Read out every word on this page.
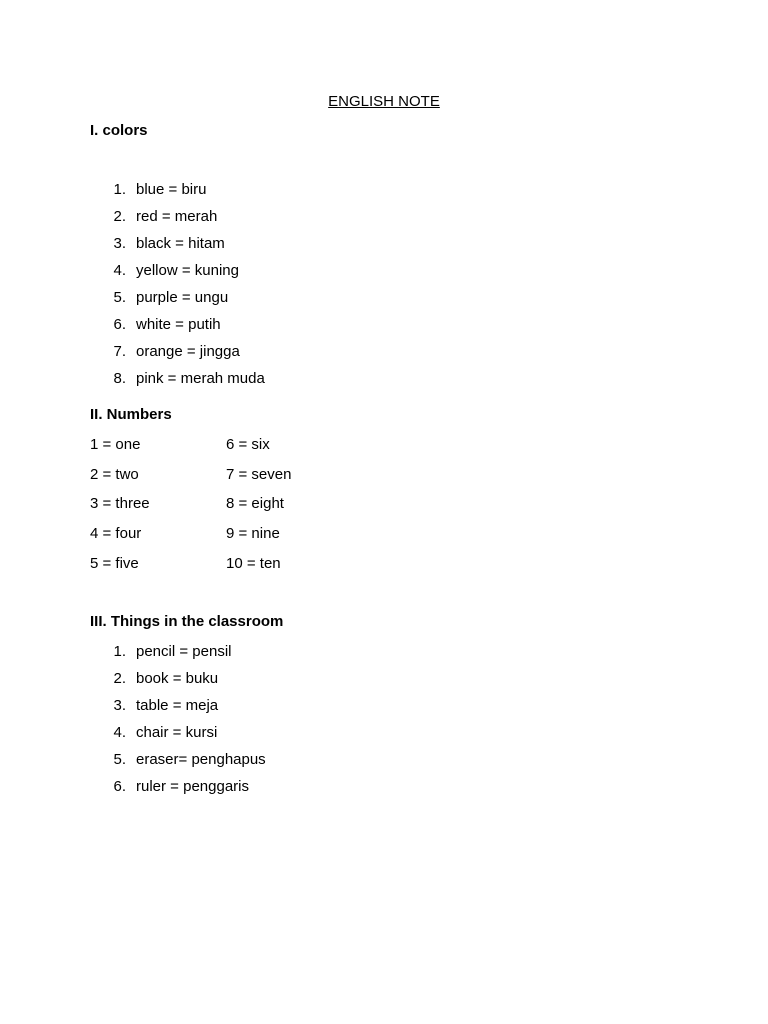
ENGLISH NOTE
I. colors
1. blue = biru
2. red = merah
3. black = hitam
4. yellow = kuning
5. purple = ungu
6. white = putih
7. orange = jingga
8. pink = merah muda
II. Numbers
1 = one	6 = six
2 = two	7 = seven
3 = three	8 = eight
4 = four	9 = nine
5 = five	10 = ten
III. Things in the classroom
1. pencil = pensil
2. book = buku
3. table = meja
4. chair = kursi
5. eraser= penghapus
6. ruler = penggaris
